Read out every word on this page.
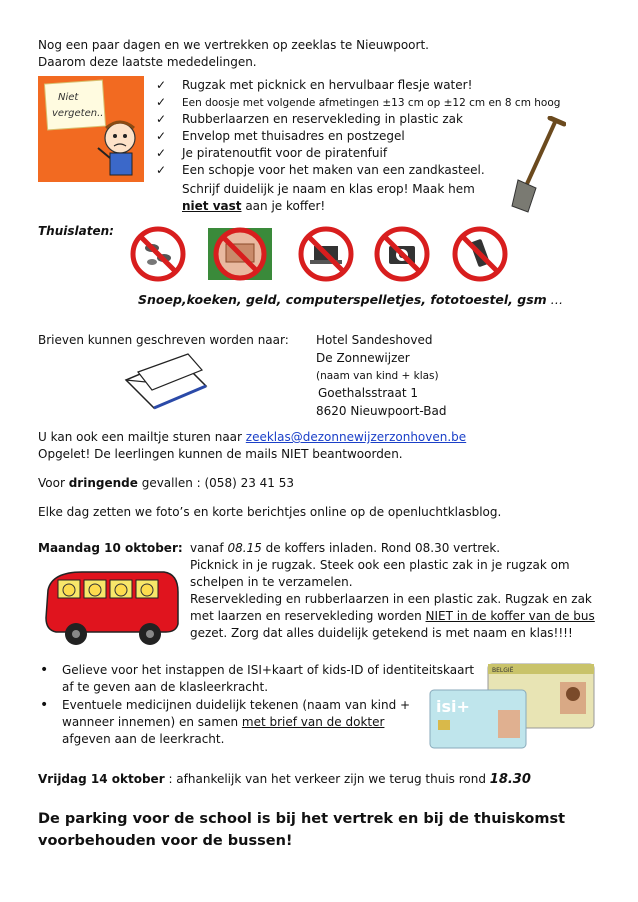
Nog een paar dagen en we vertrekken op zeeklas te Nieuwpoort.
Daarom deze laatste mededelingen.
Niet
vergeten..
✓ Rugzak met picknick en hervulbaar flesje water!
✓ Een doosje met volgende afmetingen ±13 cm op ±12 cm en 8 cm hoog
✓ Rubberlaarzen en reservekleding in plastic zak
✓ Envelop met thuisadres en postzegel
✓ Je piratenoutfit voor de piratenfuif
✓ Een schopje voor het maken van een zandkasteel.
Schrijf duidelijk je naam en klas erop! Maak hem
niet vast aan je koffer!
Thuislaten:
Snoep,koeken, geld, computerspelletjes, fototoestel, gsm …
Brieven kunnen geschreven worden naar: Hotel Sandeshoved
De Zonnewijzer
(naam van kind + klas)
Goethalsstraat 1
8620 Nieuwpoort-Bad
U kan ook een mailtje sturen naar zeeklas@dezonnewijzerzonhoven.be
Opgelet! De leerlingen kunnen de mails NIET beantwoorden.
Voor dringende gevallen : (058) 23 41 53
Elke dag zetten we foto’s en korte berichtjes online op de openluchtklasblog.
Maandag 10 oktober: vanaf 08.15 de koffers inladen. Rond 08.30 vertrek.
Picknick in je rugzak. Steek ook een plastic zak in je rugzak om
schelpen in te verzamelen.
Reservekleding en rubberlaarzen in een plastic zak. Rugzak en zak
met laarzen en reservekleding worden NIET in de koffer van de bus
gezet. Zorg dat alles duidelijk getekend is met naam en klas!!!!
• Gelieve voor het instappen de ISI+kaart of kids-ID of identiteitskaart
af te geven aan de klasleerkracht.
• Eventuele medicijnen duidelijk tekenen (naam van kind +
wanneer innemen) en samen met brief van de dokter
afgeven aan de leerkracht.
BELGIË
isi+
Vrijdag 14 oktober : afhankelijk van het verkeer zijn we terug thuis rond 18.30
De parking voor de school is bij het vertrek en bij de thuiskomst
voorbehouden voor de bussen!
